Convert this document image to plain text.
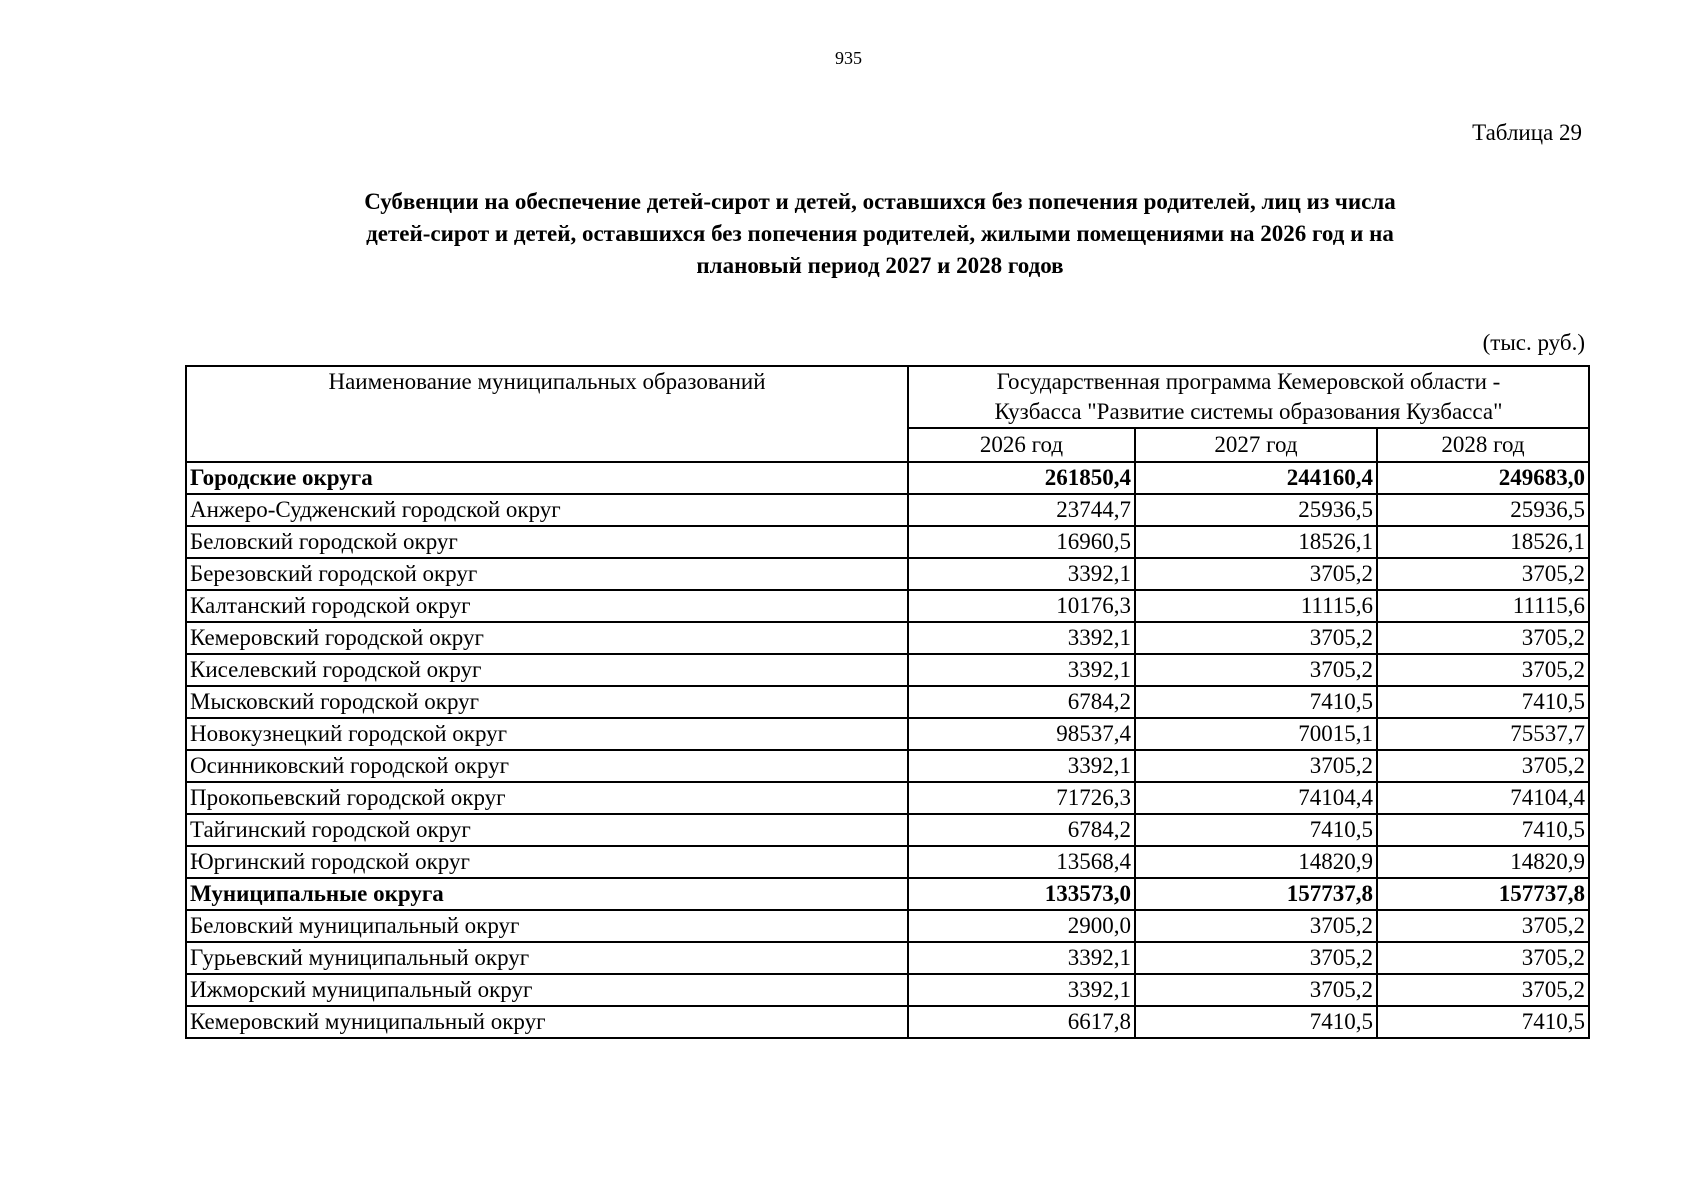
935
Таблица 29
Субвенции на обеспечение детей-сирот и детей, оставшихся без попечения родителей, лиц из числа
детей-сирот и детей, оставшихся без попечения родителей, жилыми помещениями на 2026 год и на
плановый период 2027 и 2028 годов
(тыс. руб.)
Наименование муниципальных образований	Государственная программа Кемеровской области -
Кузбасса "Развитие системы образования Кузбасса"		

	2026 год	2027 год	2028 год
Городские округа	261850,4	244160,4	249683,0
Анжеро-Судженский городской округ	23744,7	25936,5	25936,5
Беловский городской округ	16960,5	18526,1	18526,1
Березовский городской округ	3392,1	3705,2	3705,2
Калтанский городской округ	10176,3	11115,6	11115,6
Кемеровский городской округ	3392,1	3705,2	3705,2
Киселевский городской округ	3392,1	3705,2	3705,2
Мысковский городской округ	6784,2	7410,5	7410,5
Новокузнецкий городской округ	98537,4	70015,1	75537,7
Осинниковский городской округ	3392,1	3705,2	3705,2
Прокопьевский городской округ	71726,3	74104,4	74104,4
Тайгинский городской округ	6784,2	7410,5	7410,5
Юргинский городской округ	13568,4	14820,9	14820,9
Муниципальные округа	133573,0	157737,8	157737,8
Беловский муниципальный округ	2900,0	3705,2	3705,2
Гурьевский муниципальный округ	3392,1	3705,2	3705,2
Ижморский муниципальный округ	3392,1	3705,2	3705,2
Кемеровский муниципальный округ	6617,8	7410,5	7410,5
